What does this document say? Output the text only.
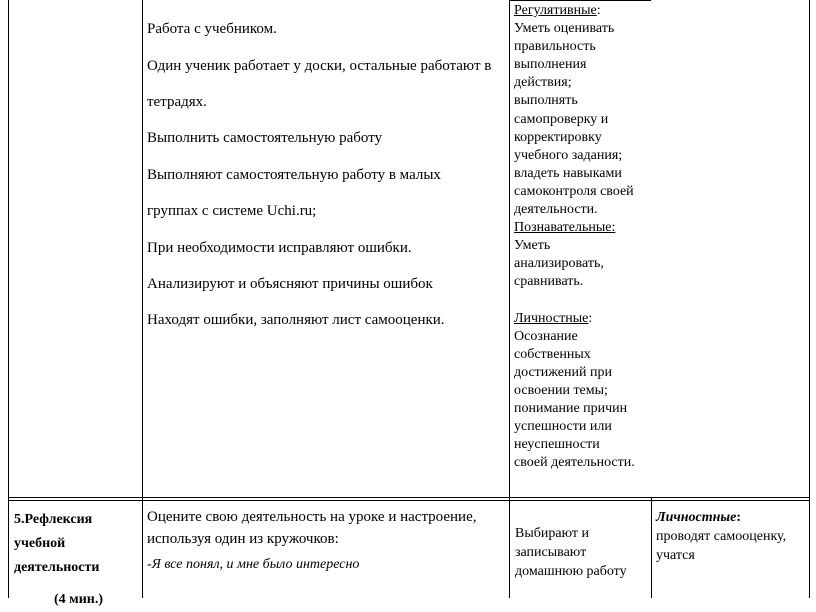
Работа с учебником.

Один ученик работает у доски, остальные работают в

тетрадях.

Выполнить самостоятельную работу

Выполняют самостоятельную работу в малых

группах с системе Uchi.ru;

При необходимости исправляют ошибки.

Анализируют и объясняют причины ошибок

Находят ошибки, заполняют лист самооценки.

Регулятивные:
Уметь оценивать
правильность
выполнения
действия;
выполнять
самопроверку и
корректировку
учебного задания;
владеть навыками
самоконтроля своей
деятельности.
Познавательные:
Уметь
анализировать,
сравнивать.
Личностные:
Осознание
собственных
достижений при
освоении темы;
понимание причин
успешности или
неуспешности
своей деятельности.
5.Рефлексия
учебной
деятельности
(4 мин.)
Оцените свою деятельность на уроке и настроение, используя один из кружочков:
-Я все понял, и мне было интересно
Выбирают и записывают домашнюю работу
Личностные:
проводят самооценку, учатся
